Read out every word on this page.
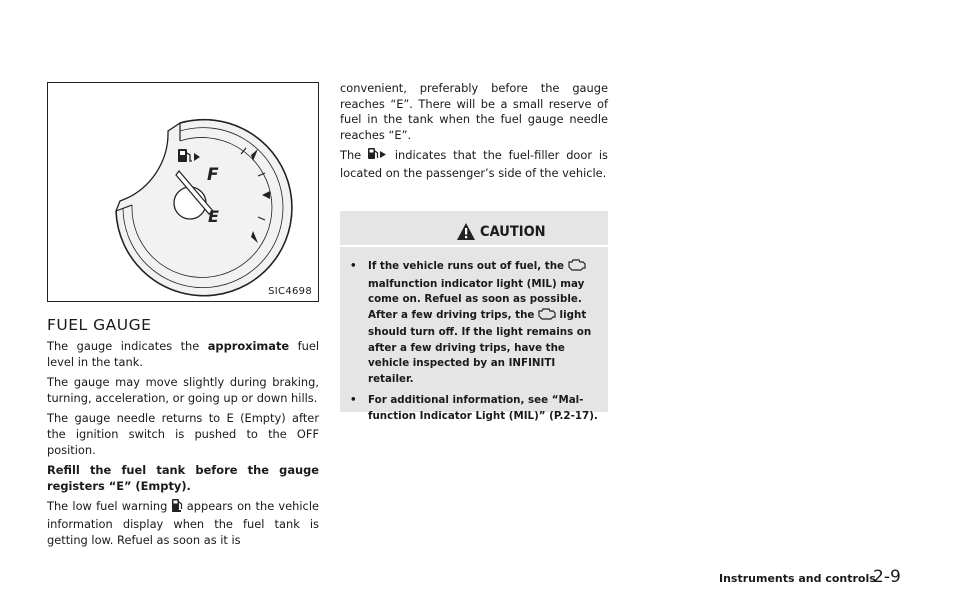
F
E
SIC4698
FUEL GAUGE

The gauge indicates the approximate fuel level in the tank.

The gauge may move slightly during braking, turning, acceleration, or going up or down hills.

The gauge needle returns to E (Empty) after the ignition switch is pushed to the OFF position.

Refill the fuel tank before the gauge registers “E” (Empty).

The low fuel warning  appears on the vehicle information display when the fuel tank is getting low. Refuel as soon as it is

convenient, preferably before the gauge reaches “E”. There will be a small reserve of fuel in the tank when the fuel gauge needle reaches “E”.

The  indicates that the fuel-filler door is located on the passenger’s side of the vehicle.

CAUTION
• If the vehicle runs out of fuel, the  malfunction indicator light (MIL) may come on. Refuel as soon as possible. After a few driving trips, the  light should turn off. If the light remains on after a few driving trips, have the vehicle inspected by an INFINITI retailer.
• For additional information, see “Mal-function Indicator Light (MIL)” (P.2-17).
Instruments and controls
2-9
